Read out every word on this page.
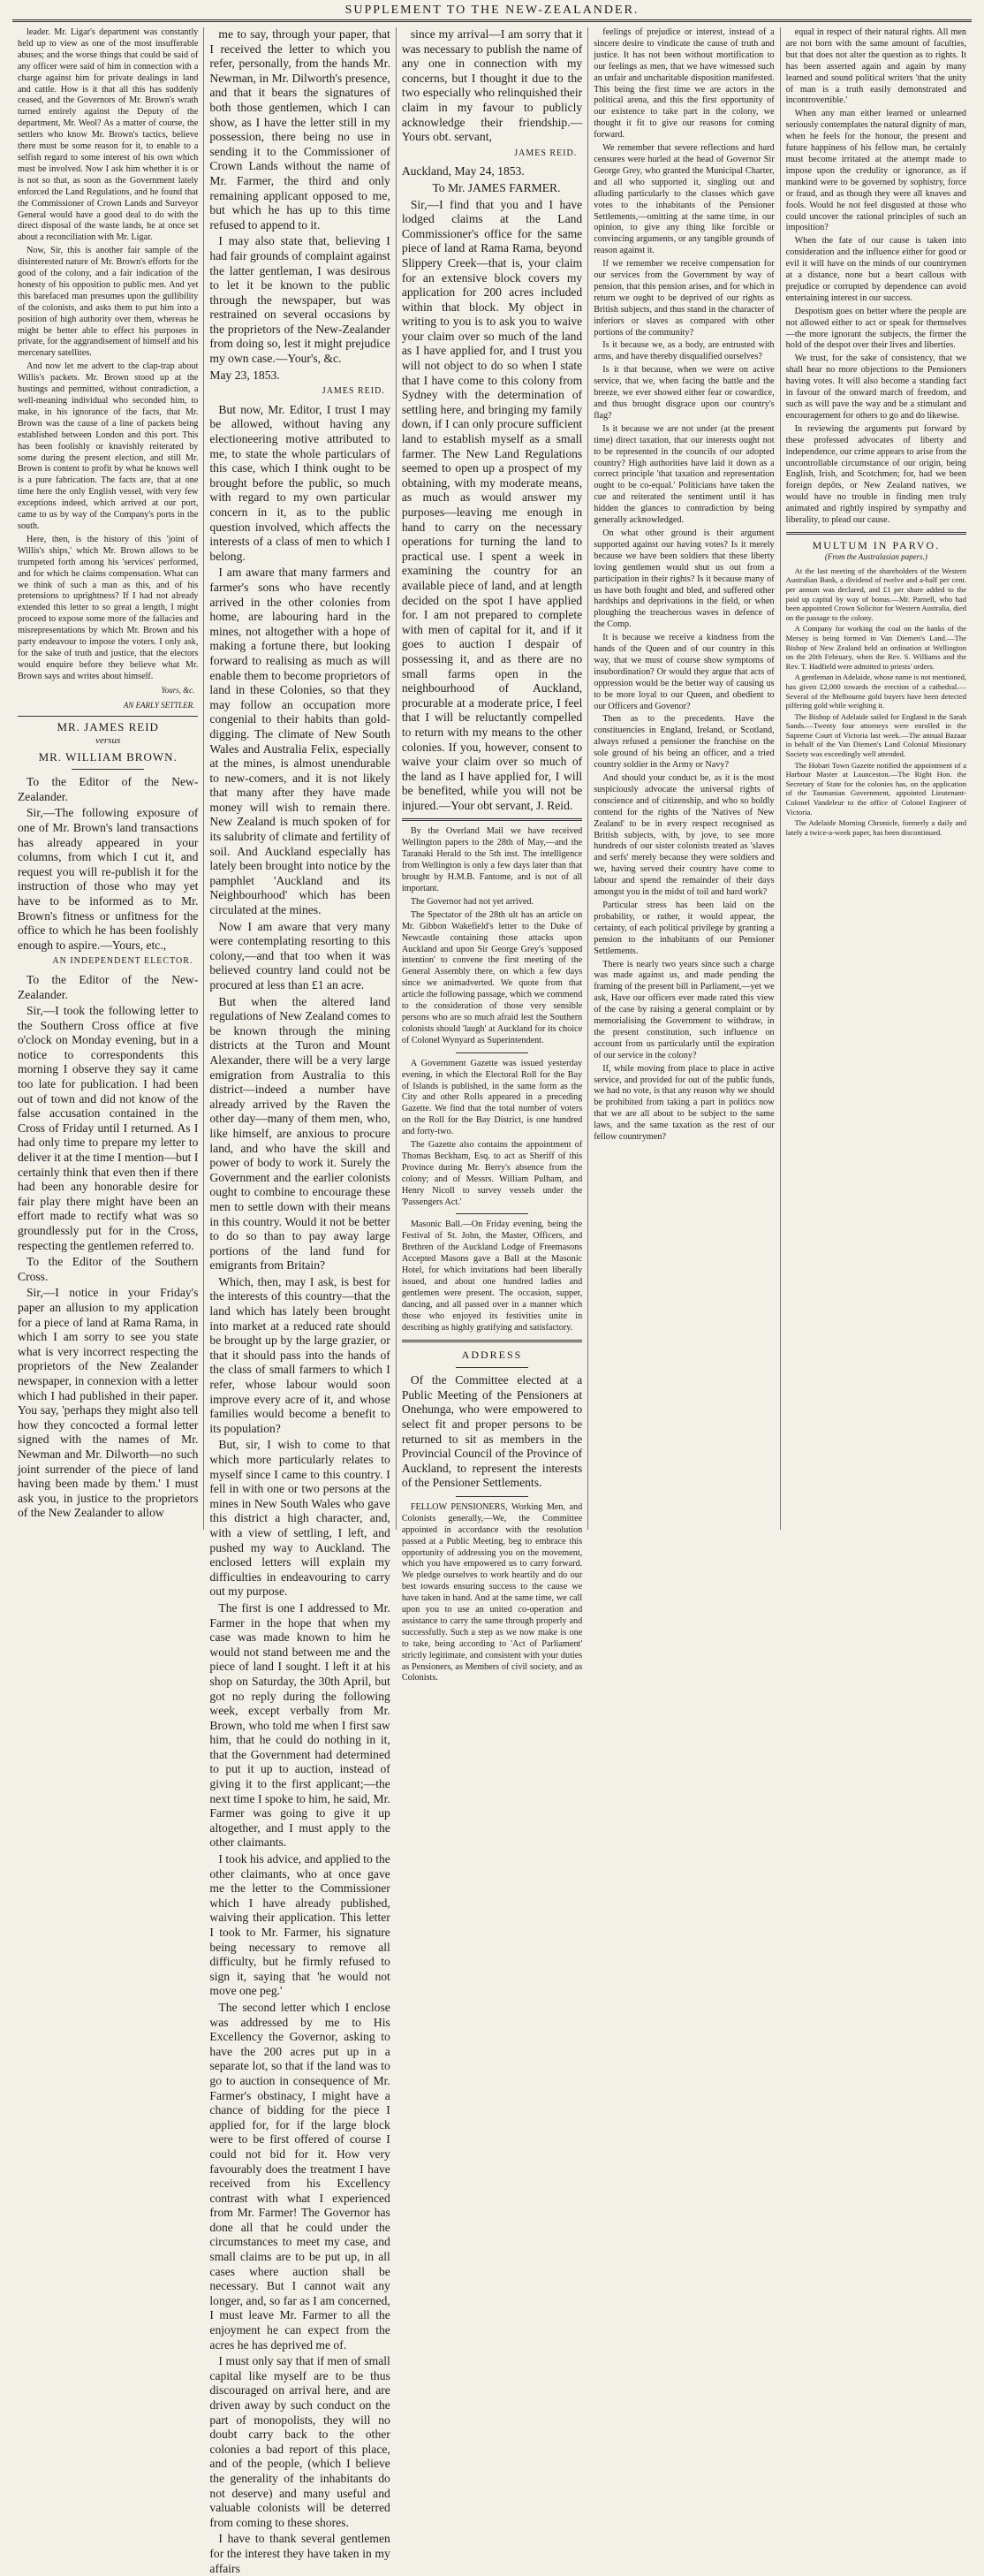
SUPPLEMENT TO THE NEW-ZEALANDER.

leader. Mr. Ligar's department was constantly held up to view as one of the most insufferable abuses; and the worse things that could be said of any officer were said of him in connection with a charge against him for private dealings in land and cattle. How is it that all this has suddenly ceased, and the Governors of Mr. Brown's wrath turned entirely against the Deputy of the department, Mr. Weol? As a matter of course, the settlers who know Mr. Brown's tactics, believe there must be some reason for it, to enable to a selfish regard to some interest of his own which must be involved. Now I ask him whether it is or is not so that, as soon as the Government lately enforced the Land Regulations, and he found that the Commissioner of Crown Lands and Surveyor General would have a good deal to do with the direct disposal of the waste lands, he at once set about a reconciliation with Mr. Ligar.

Now, Sir, this is another fair sample of the disinterested nature of Mr. Brown's efforts for the good of the colony, and a fair indication of the honesty of his opposition to public men. And yet this barefaced man presumes upon the gullibility of the colonists, and asks them to put him into a position of high authority over them, whereas he might be better able to effect his purposes in private, for the aggrandisement of himself and his mercenary satellites.

And now let me advert to the clap-trap about Willis's packets. Mr. Brown stood up at the hustings and permitted, without contradiction, a well-meaning individual who seconded him, to make, in his ignorance of the facts, that Mr. Brown was the cause of a line of packets being established between London and this port. This has been foolishly or knavishly reiterated by some during the present election, and still Mr. Brown is content to profit by what he knows well is a pure fabrication. The facts are, that at one time here the only English vessel, with very few exceptions indeed, which arrived at our port, came to us by way of the Company's ports in the south.

Here, then, is the history of this 'joint of Willis's ships,' which Mr. Brown allows to be trumpeted forth among his 'services' performed, and for which he claims compensation. What can we think of such a man as this, and of his pretensions to uprightness? If I had not already extended this letter to so great a length, I might proceed to expose some more of the fallacies and misrepresentations by which Mr. Brown and his party endeavour to impose the voters. I only ask, for the sake of truth and justice, that the electors would enquire before they believe what Mr. Brown says and writes about himself.

Yours, &c.
AN EARLY SETTLER.
MR. JAMES REID
versus
MR. WILLIAM BROWN.

To the Editor of the New-Zealander.

Sir,—The following exposure of one of Mr. Brown's land transactions has already appeared in your columns, from which I cut it, and request you will re-publish it for the instruction of those who may yet have to be informed as to Mr. Brown's fitness or unfitness for the office to which he has been foolishly enough to aspire.—Yours, etc.,

AN INDEPENDENT ELECTOR.

To the Editor of the New-Zealander.

Sir,—I took the following letter to the Southern Cross office at five o'clock on Monday evening, but in a notice to correspondents this morning I observe they say it came too late for publication. I had been out of town and did not know of the false accusation contained in the Cross of Friday until I returned. As I had only time to prepare my letter to deliver it at the time I mention—but I certainly think that even then if there had been any honorable desire for fair play there might have been an effort made to rectify what was so groundlessly put for in the Cross, respecting the gentlemen referred to.

To the Editor of the Southern Cross.

Sir,—I notice in your Friday's paper an allusion to my application for a piece of land at Rama Rama, in which I am sorry to see you state what is very incorrect respecting the proprietors of the New Zealander newspaper, in connexion with a letter which I had published in their paper. You say, 'perhaps they might also tell how they concocted a formal letter signed with the names of Mr. Newman and Mr. Dilworth—no such joint surrender of the piece of land having been made by them.' I must ask you, in justice to the proprietors of the New Zealander to allow

me to say, through your paper, that I received the letter to which you refer, personally, from the hands Mr. Newman, in Mr. Dilworth's presence, and that it bears the signatures of both those gentlemen, which I can show, as I have the letter still in my possession, there being no use in sending it to the Commissioner of Crown Lands without the name of Mr. Farmer, the third and only remaining applicant opposed to me, but which he has up to this time refused to append to it.

I may also state that, believing I had fair grounds of complaint against the latter gentleman, I was desirous to let it be known to the public through the newspaper, but was restrained on several occasions by the proprietors of the New-Zealander from doing so, lest it might prejudice my own case.—Your's, &c.

May 23, 1853.
JAMES REID.

But now, Mr. Editor, I trust I may be allowed, without having any electioneering motive attributed to me, to state the whole particulars of this case, which I think ought to be brought before the public, so much with regard to my own particular concern in it, as to the public question involved, which affects the interests of a class of men to which I belong.

I am aware that many farmers and farmer's sons who have recently arrived in the other colonies from home, are labouring hard in the mines, not altogether with a hope of making a fortune there, but looking forward to realising as much as will enable them to become proprietors of land in these Colonies, so that they may follow an occupation more congenial to their habits than gold-digging. The climate of New South Wales and Australia Felix, especially at the mines, is almost unendurable to new-comers, and it is not likely that many after they have made money will wish to remain there. New Zealand is much spoken of for its salubrity of climate and fertility of soil. And Auckland especially has lately been brought into notice by the pamphlet 'Auckland and its Neighbourhood' which has been circulated at the mines.

Now I am aware that very many were contemplating resorting to this colony,—and that too when it was believed country land could not be procured at less than £1 an acre.

But when the altered land regulations of New Zealand comes to be known through the mining districts at the Turon and Mount Alexander, there will be a very large emigration from Australia to this district—indeed a number have already arrived by the Raven the other day—many of them men, who, like himself, are anxious to procure land, and who have the skill and power of body to work it. Surely the Government and the earlier colonists ought to combine to encourage these men to settle down with their means in this country. Would it not be better to do so than to pay away large portions of the land fund for emigrants from Britain?

Which, then, may I ask, is best for the interests of this country—that the land which has lately been brought into market at a reduced rate should be brought up by the large grazier, or that it should pass into the hands of the class of small farmers to which I refer, whose labour would soon improve every acre of it, and whose families would become a benefit to its population?

But, sir, I wish to come to that which more particularly relates to myself since I came to this country. I fell in with one or two persons at the mines in New South Wales who gave this district a high character, and, with a view of settling, I left, and pushed my way to Auckland. The enclosed letters will explain my difficulties in endeavouring to carry out my purpose.

The first is one I addressed to Mr. Farmer in the hope that when my case was made known to him he would not stand between me and the piece of land I sought. I left it at his shop on Saturday, the 30th April, but got no reply during the following week, except verbally from Mr. Brown, who told me when I first saw him, that he could do nothing in it, that the Government had determined to put it up to auction, instead of giving it to the first applicant;—the next time I spoke to him, he said, Mr. Farmer was going to give it up altogether, and I must apply to the other claimants.

I took his advice, and applied to the other claimants, who at once gave me the letter to the Commissioner which I have already published, waiving their application. This letter I took to Mr. Farmer, his signature being necessary to remove all difficulty, but he firmly refused to sign it, saying that 'he would not move one peg.'

The second letter which I enclose was addressed by me to His Excellency the Governor, asking to have the 200 acres put up in a separate lot, so that if the land was to go to auction in consequence of Mr. Farmer's obstinacy, I might have a chance of bidding for the piece I applied for, for if the large block were to be first offered of course I could not bid for it. How very favourably does the treatment I have received from his Excellency contrast with what I experienced from Mr. Farmer! The Governor has done all that he could under the circumstances to meet my case, and small claims are to be put up, in all cases where auction shall be necessary. But I cannot wait any longer, and, so far as I am concerned, I must leave Mr. Farmer to all the enjoyment he can expect from the acres he has deprived me of.

I must only say that if men of small capital like myself are to be thus discouraged on arrival here, and are driven away by such conduct on the part of monopolists, they will no doubt carry back to the other colonies a bad report of this place, and of the people, (which I believe the generality of the inhabitants do not deserve) and many useful and valuable colonists will be deterred from coming to these shores.

I have to thank several gentlemen for the interest they have taken in my affairs

since my arrival—I am sorry that it was necessary to publish the name of any one in connection with my concerns, but I thought it due to the two especially who relinquished their claim in my favour to publicly acknowledge their friendship.—Yours obt. servant,

JAMES REID.
Auckland, May 24, 1853.

To Mr. JAMES FARMER.

Sir,—I find that you and I have lodged claims at the Land Commissioner's office for the same piece of land at Rama Rama, beyond Slippery Creek—that is, your claim for an extensive block covers my application for 200 acres included within that block. My object in writing to you is to ask you to waive your claim over so much of the land as I have applied for, and I trust you will not object to do so when I state that I have come to this colony from Sydney with the determination of settling here, and bringing my family down, if I can only procure sufficient land to establish myself as a small farmer. The New Land Regulations seemed to open up a prospect of my obtaining, with my moderate means, as much as would answer my purposes—leaving me enough in hand to carry on the necessary operations for turning the land to practical use. I spent a week in examining the country for an available piece of land, and at length decided on the spot I have applied for. I am not prepared to complete with men of capital for it, and if it goes to auction I despair of possessing it, and as there are no small farms open in the neighbourhood of Auckland, procurable at a moderate price, I feel that I will be reluctantly compelled to return with my means to the other colonies. If you, however, consent to waive your claim over so much of the land as I have applied for, I will be benefited, while you will not be injured.—Your obt servant, J. Reid.

By the Overland Mail we have received Wellington papers to the 28th of May,—and the Taranaki Herald to the 5th inst. The intelligence from Wellington is only a few days later than that brought by H.M.B. Fantome, and is not of all important.

The Governor had not yet arrived.

The Spectator of the 28th ult has an article on Mr. Gibbon Wakefield's letter to the Duke of Newcastle containing those attacks upon Auckland and upon Sir George Grey's 'supposed intention' to convene the first meeting of the General Assembly there, on which a few days since we animadverted. We quote from that article the following passage, which we commend to the consideration of those very sensible persons who are so much afraid lest the Southern colonists should 'laugh' at Auckland for its choice of Colonel Wynyard as Superintendent.

A Government Gazette was issued yesterday evening, in which the Electoral Roll for the Bay of Islands is published, in the same form as the City and other Rolls appeared in a preceding Gazette. We find that the total number of voters on the Roll for the Bay District, is one hundred and forty-two.

The Gazette also contains the appointment of Thomas Beckham, Esq. to act as Sheriff of this Province during Mr. Berry's absence from the colony; and of Messrs. William Pulham, and Henry Nicoll to survey vessels under the 'Passengers Act.'

Masonic Ball.—On Friday evening, being the Festival of St. John, the Master, Officers, and Brethren of the Auckland Lodge of Freemasons Accepted Masons gave a Ball at the Masonic Hotel, for which invitations had been liberally issued, and about one hundred ladies and gentlemen were present. The occasion, supper, dancing, and all passed over in a manner which those who enjoyed its festivities unite in describing as highly gratifying and satisfactory.

ADDRESS

Of the Committee elected at a Public Meeting of the Pensioners at Onehunga, who were empowered to select fit and proper persons to be returned to sit as members in the Provincial Council of the Province of Auckland, to represent the interests of the Pensioner Settlements.

FELLOW PENSIONERS, Working Men, and Colonists generally,—We, the Committee appointed in accordance with the resolution passed at a Public Meeting, beg to embrace this opportunity of addressing you on the movement, which you have empowered us to carry forward. We pledge ourselves to work heartily and do our best towards ensuring success to the cause we have taken in hand. And at the same time, we call upon you to use an united co-operation and assistance to carry the same through properly and successfully. Such a step as we now make is one to take, being according to 'Act of Parliament' strictly legitimate, and consistent with your duties as Pensioners, as Members of civil society, and as Colonists.

feelings of prejudice or interest, instead of a sincere desire to vindicate the cause of truth and justice. It has not been without mortification to our feelings as men, that we have witnessed such an unfair and uncharitable disposition manifested. This being the first time we are actors in the political arena, and this the first opportunity of our existence to take part in the colony, we thought it fit to give our reasons for coming forward.

We remember that severe reflections and hard censures were hurled at the head of Governor Sir George Grey, who granted the Municipal Charter, and all who supported it, singling out and alluding particularly to the classes which gave votes to the inhabitants of the Pensioner Settlements,—omitting at the same time, in our opinion, to give any thing like forcible or convincing arguments, or any tangible grounds of reason against it.

If we remember we receive compensation for our services from the Government by way of pension, that this pension arises, and for which in return we ought to be deprived of our rights as British subjects, and thus stand in the character of inferiors or slaves as compared with other portions of the community?

Is it because we, as a body, are entrusted with arms, and have thereby disqualified ourselves?

Is it that because, when we were on active service, that we, when facing the battle and the breeze, we ever showed either fear or cowardice, and thus brought disgrace upon our country's flag?

Is it because we are not under (at the present time) direct taxation, that our interests ought not to be represented in the councils of our adopted country? High authorities have laid it down as a correct principle 'that taxation and representation ought to be co-equal.' Politicians have taken the cue and reiterated the sentiment until it has hidden the glances to contradiction by being generally acknowledged.

On what other ground is their argument supported against our having votes? Is it merely because we have been soldiers that these liberty loving gentlemen would shut us out from a participation in their rights? Is it because many of us have both fought and bled, and suffered other hardships and deprivations in the field, or when ploughing the treacherous waves in defence of the Comp.

It is because we receive a kindness from the hands of the Queen and of our country in this way, that we must of course show symptoms of insubordination? Or would they argue that acts of oppression would be the better way of causing us to be more loyal to our Queen, and obedient to our Officers and Govenor?

Then as to the precedents. Have the constituencies in England, Ireland, or Scotland, always refused a pensioner the franchise on the sole ground of his being an officer, and a tried country soldier in the Army or Navy?

And should your conduct be, as it is the most suspiciously advocate the universal rights of conscience and of citizenship, and who so boldly contend for the rights of the 'Natives of New Zealand' to be in every respect recognised as British subjects, with, by jove, to see more hundreds of our sister colonists treated as 'slaves and serfs' merely because they were soldiers and we, having served their country have come to labour and spend the remainder of their days amongst you in the midst of toil and hard work?

Particular stress has been laid on the probability, or rather, it would appear, the certainty, of each political privilege by granting a pension to the inhabitants of our Pensioner Settlements.

There is nearly two years since such a charge was made against us, and made pending the framing of the present bill in Parliament,—yet we ask, Have our officers ever made rated this view of the case by raising a general complaint or by memorialising the Government to withdraw, in the present constitution, such influence on account from us particularly until the expiration of our service in the colony?

If, while moving from place to place in active service, and provided for out of the public funds, we had no vote, is that any reason why we should be prohibited from taking a part in politics now that we are all about to be subject to the same laws, and the same taxation as the rest of our fellow countrymen?

equal in respect of their natural rights. All men are not born with the same amount of faculties, but that does not alter the question as to rights. It has been asserted again and again by many learned and sound political writers 'that the unity of man is a truth easily demonstrated and incontrovertible.'

When any man either learned or unlearned seriously contemplates the natural dignity of man, when he feels for the honour, the present and future happiness of his fellow man, he certainly must become irritated at the attempt made to impose upon the credulity or ignorance, as if mankind were to be governed by sophistry, force or fraud, and as though they were all knaves and fools. Would he not feel disgusted at those who could uncover the rational principles of such an imposition?

When the fate of our cause is taken into consideration and the influence either for good or evil it will have on the minds of our countrymen at a distance, none but a heart callous with prejudice or corrupted by dependence can avoid entertaining interest in our success.

Despotism goes on better where the people are not allowed either to act or speak for themselves—the more ignorant the subjects, the firmer the hold of the despot over their lives and liberties.

We trust, for the sake of consistency, that we shall hear no more objections to the Pensioners having votes. It will also become a standing fact in favour of the onward march of freedom, and such as will pave the way and be a stimulant and encouragement for others to go and do likewise.

In reviewing the arguments put forward by these professed advocates of liberty and independence, our crime appears to arise from the uncontrollable circumstance of our origin, being English, Irish, and Scotchmen; for, had we been foreign depôts, or New Zealand natives, we would have no trouble in finding men truly animated and rightly inspired by sympathy and liberality, to plead our cause.

MULTUM IN PARVO.
(From the Australasian papers.)

At the last meeting of the shareholders of the Western Australian Bank, a dividend of twelve and a-half per cent. per annum was declared, and £1 per share added to the paid up capital by way of bonus.—Mr. Parnell, who had been appointed Crown Solicitor for Western Australia, died on the passage to the colony.

A Company for working the coal on the banks of the Mersey is being formed in Van Diemen's Land.—The Bishop of New Zealand held an ordination at Wellington on the 20th February, when the Rev. S. Williams and the Rev. T. Hadfield were admitted to priests' orders.

A gentleman in Adelaide, whose name is not mentioned, has given £2,000 towards the erection of a cathedral.—Several of the Melbourne gold buyers have been detected pilfering gold while weighing it.

The Bishop of Adelaide sailed for England in the Sarah Sands.—Twenty four attorneys were enrolled in the Supreme Court of Victoria last week.—The annual Bazaar in behalf of the Van Diemen's Land Colonial Missionary Society was exceedingly well attended.

The Hobart Town Gazette notified the appointment of a Harbour Master at Launceston.—The Right Hon. the Secretary of State for the colonies has, on the application of the Tasmanian Government, appointed Lieutenant-Colonel Vandeleur to the office of Colonel Engineer of Victoria.

The Adelaide Morning Chronicle, formerly a daily and lately a twice-a-week paper, has been discontinued.
